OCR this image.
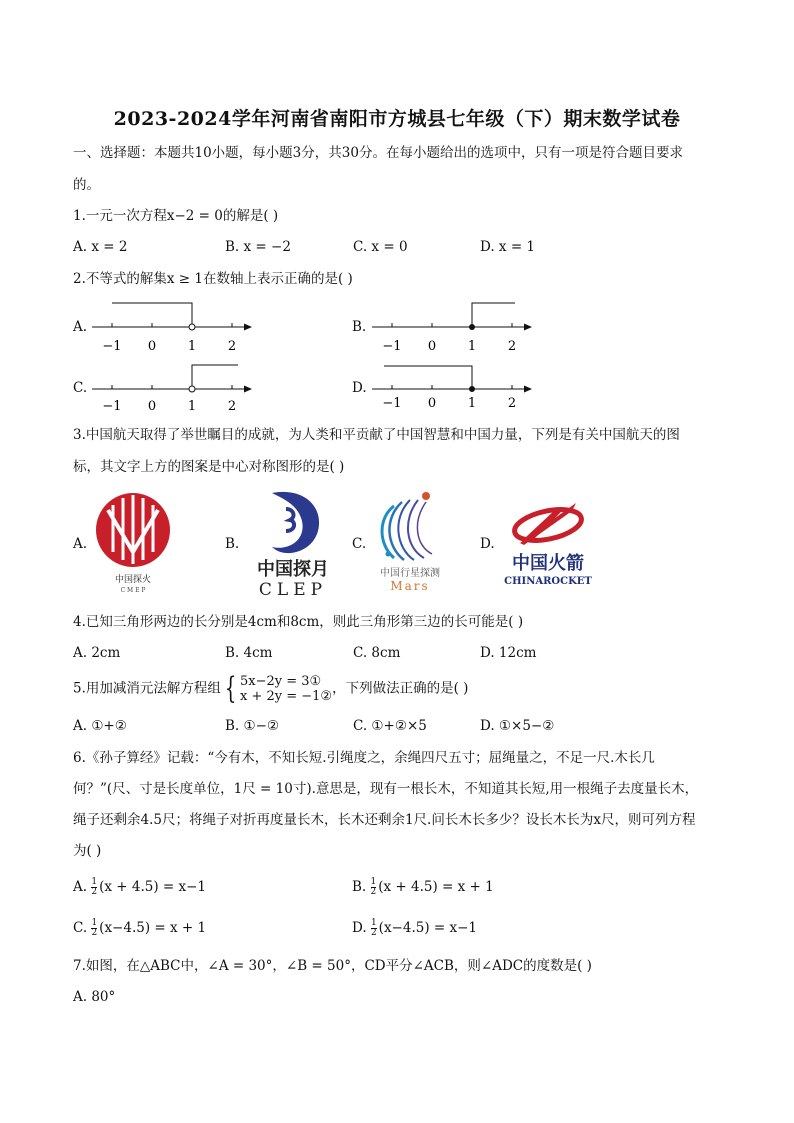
2023-2024学年河南省南阳市方城县七年级（下）期末数学试卷
一、选择题：本题共10小题，每小题3分，共30分。在每小题给出的选项中，只有一项是符合题目要求
的。
1.一元一次方程x−2 = 0的解是( )
A. x = 2	B. x = −2	C. x = 0	D. x = 1
2.不等式的解集x ≥ 1在数轴上表示正确的是( )
A.
−1 0 1 2
B.
−1 0 1 2
C.
−1 0 1 2
D.
−1 0 1 2
3.中国航天取得了举世瞩目的成就，为人类和平贡献了中国智慧和中国力量，下列是有关中国航天的图
标，其文字上方的图案是中心对称图形的是( )
A.
中国探火
C M E P
B.
中国探月
CLEP
C.
中国行星探测
Mars
D.
中国火箭
CHINAROCKET
4.已知三角形两边的长分别是4cm和8cm，则此三角形第三边的长可能是( )
A. 2cm	B. 4cm	C. 8cm	D. 12cm
5.用加减消元法解方程组 { 5x−2y = 3①
x + 2y = −1② ，下列做法正确的是( )
A. ①+②	B. ①−②	C. ①+②×5	D. ①×5−②
6.《孙子算经》记载：“今有木，不知长短.引绳度之，余绳四尺五寸；屈绳量之，不足一尺.木长几
何？”(尺、寸是长度单位，1尺 = 10寸).意思是，现有一根长木，不知道其长短,用一根绳子去度量长木，
绳子还剩余4.5尺；将绳子对折再度量长木，长木还剩余1尺.问长木长多少？设长木长为x尺，则可列方程
为( )
A. $\frac{1}{2} (x + 4.5) = x-1$	B. $\frac{1}{2} (x + 4.5) = x + 1$
C. $\frac{1}{2} (x-4.5) = x + 1$	D. $\frac{1}{2} (x-4.5) = x-1$
7.如图，在△ABC中，∠A = 30°，∠B = 50°，CD平分∠ACB，则∠ADC的度数是( )
A. 80°
